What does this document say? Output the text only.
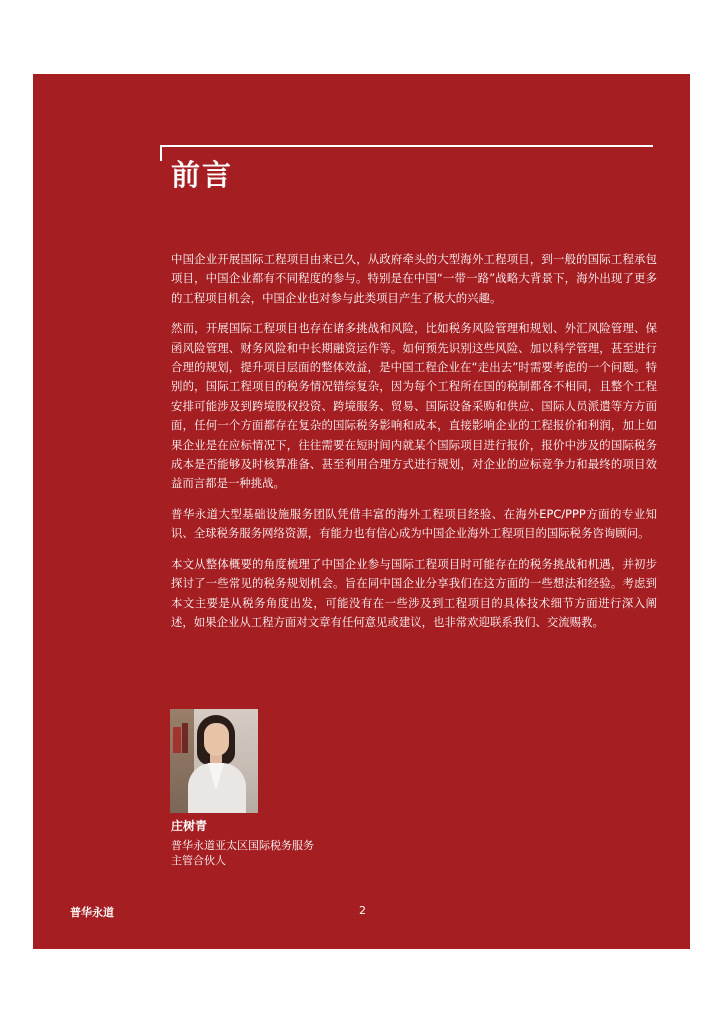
前言

中国企业开展国际工程项目由来已久，从政府牵头的大型海外工程项目，到一般的国际工程承包项目，中国企业都有不同程度的参与。特别是在中国“一带一路”战略大背景下，海外出现了更多的工程项目机会，中国企业也对参与此类项目产生了极大的兴趣。

然而，开展国际工程项目也存在诸多挑战和风险，比如税务风险管理和规划、外汇风险管理、保函风险管理、财务风险和中长期融资运作等。如何预先识别这些风险、加以科学管理，甚至进行合理的规划，提升项目层面的整体效益，是中国工程企业在“走出去”时需要考虑的一个问题。特别的，国际工程项目的税务情况错综复杂，因为每个工程所在国的税制都各不相同，且整个工程安排可能涉及到跨境股权投资、跨境服务、贸易、国际设备采购和供应、国际人员派遣等方方面面，任何一个方面都存在复杂的国际税务影响和成本，直接影响企业的工程报价和利润，加上如果企业是在应标情况下，往往需要在短时间内就某个国际项目进行报价，报价中涉及的国际税务成本是否能够及时核算准备、甚至利用合理方式进行规划，对企业的应标竞争力和最终的项目效益而言都是一种挑战。

普华永道大型基础设施服务团队凭借丰富的海外工程项目经验、在海外EPC/PPP方面的专业知识、全球税务服务网络资源，有能力也有信心成为中国企业海外工程项目的国际税务咨询顾问。

本文从整体概要的角度梳理了中国企业参与国际工程项目时可能存在的税务挑战和机遇，并初步探讨了一些常见的税务规划机会。旨在同中国企业分享我们在这方面的一些想法和经验。考虑到本文主要是从税务角度出发，可能没有在一些涉及到工程项目的具体技术细节方面进行深入阐述，如果企业从工程方面对文章有任何意见或建议，也非常欢迎联系我们、交流赐教。

庄树青

普华永道亚太区国际税务服务
主管合伙人

普华永道	2
